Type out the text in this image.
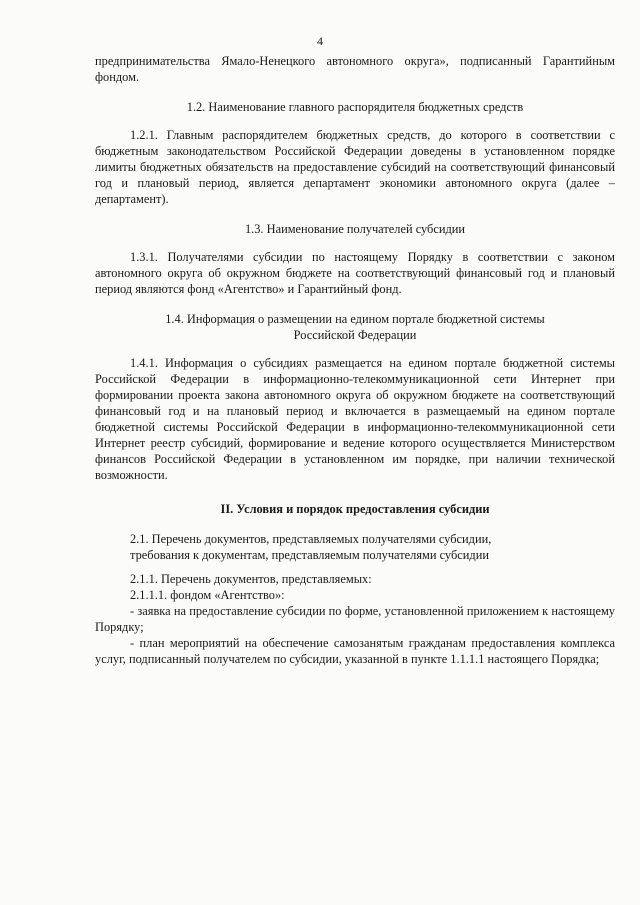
4

предпринимательства Ямало-Ненецкого автономного округа», подписанный Гарантийным фондом.

1.2. Наименование главного распорядителя бюджетных средств

1.2.1. Главным распорядителем бюджетных средств, до которого в соответствии с бюджетным законодательством Российской Федерации доведены в установленном порядке лимиты бюджетных обязательств на предоставление субсидий на соответствующий финансовый год и плановый период, является департамент экономики автономного округа (далее – департамент).

1.3. Наименование получателей субсидии

1.3.1. Получателями субсидии по настоящему Порядку в соответствии с законом автономного округа об окружном бюджете на соответствующий финансовый год и плановый период являются фонд «Агентство» и Гарантийный фонд.

1.4. Информация о размещении на едином портале бюджетной системы

Российской Федерации

1.4.1. Информация о субсидиях размещается на едином портале бюджетной системы Российской Федерации в информационно-телекоммуникационной сети Интернет при формировании проекта закона автономного округа об окружном бюджете на соответствующий финансовый год и на плановый период и включается в размещаемый на едином портале бюджетной системы Российской Федерации в информационно-телекоммуникационной сети Интернет реестр субсидий, формирование и ведение которого осуществляется Министерством финансов Российской Федерации в установленном им порядке, при наличии технической возможности.

II. Условия и порядок предоставления субсидии

2.1. Перечень документов, представляемых получателями субсидии,

требования к документам, представляемым получателями субсидии

2.1.1. Перечень документов, представляемых:

2.1.1.1. фондом «Агентство»:

- заявка на предоставление субсидии по форме, установленной приложением к настоящему Порядку;

- план мероприятий на обеспечение самозанятым гражданам предоставления комплекса услуг, подписанный получателем по субсидии, указанной в пункте 1.1.1.1 настоящего Порядка;
